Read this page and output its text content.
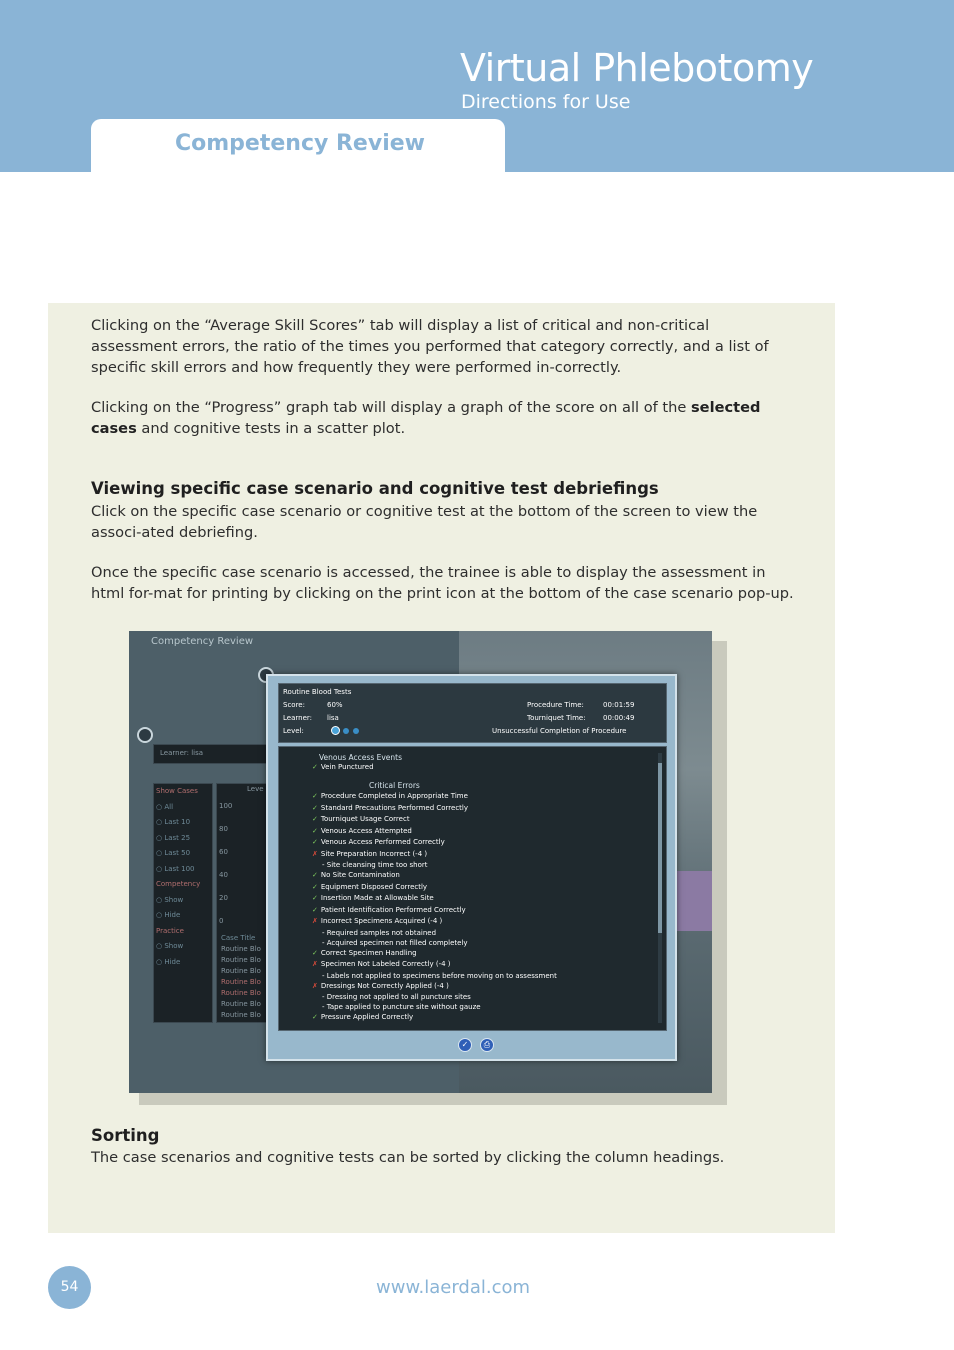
Virtual Phlebotomy
Directions for Use
Competency Review

Clicking on the “Average Skill Scores” tab will display a list of critical and non-critical assessment errors, the ratio of the times you performed that category correctly, and a list of specific skill errors and how frequently they were performed in-correctly.

Clicking on the “Progress” graph tab will display a graph of the score on all of the selected cases and cognitive tests in a scatter plot.

Viewing specific case scenario and cognitive test debriefings

Click on the specific case scenario or cognitive test at the bottom of the screen to view the associ-ated debriefing.

Once the specific case scenario is accessed, the trainee is able to display the assessment in html for-mat for printing by clicking on the print icon at the bottom of the case scenario pop-up.

Competency Review
Learner: lisa
Show Cases
○ All
○ Last 10
○ Last 25
○ Last 50
○ Last 100
Competency
○ Show
○ Hide
Practice
○ Show
○ Hide
Leve
100
80
60
40
20
0
Case Title
Routine Blo
Routine Blo
Routine Blo
Routine Blo
Routine Blo
Routine Blo
Routine Blo
Routine Blood Tests
Score:	60%
Learner: lisa
Level:
Procedure Time:	00:01:59
Tourniquet Time: 00:00:49
Unsuccessful Completion of Procedure
Venous Access Events
Critical Errors
✓ Vein Punctured
✓ Procedure Completed in Appropriate Time
✓ Standard Precautions Performed Correctly
✓ Tourniquet Usage Correct
✓ Venous Access Attempted
✓ Venous Access Performed Correctly
✗ Site Preparation Incorrect (-4 )
- Site cleansing time too short
✓ No Site Contamination
✓ Equipment Disposed Correctly
✓ Insertion Made at Allowable Site
✓ Patient Identification Performed Correctly
✗ Incorrect Specimens Acquired (-4 )
- Required samples not obtained
- Acquired specimen not filled completely
✓ Correct Specimen Handling
✗ Specimen Not Labeled Correctly (-4 )
- Labels not applied to specimens before moving on to assessment
✗ Dressings Not Correctly Applied (-4 )
- Dressing not applied to all puncture sites
- Tape applied to puncture site without gauze
✓ Pressure Applied Correctly
✓	⎙
Sorting

The case scenarios and cognitive tests can be sorted by clicking the column headings.

54	www.laerdal.com
